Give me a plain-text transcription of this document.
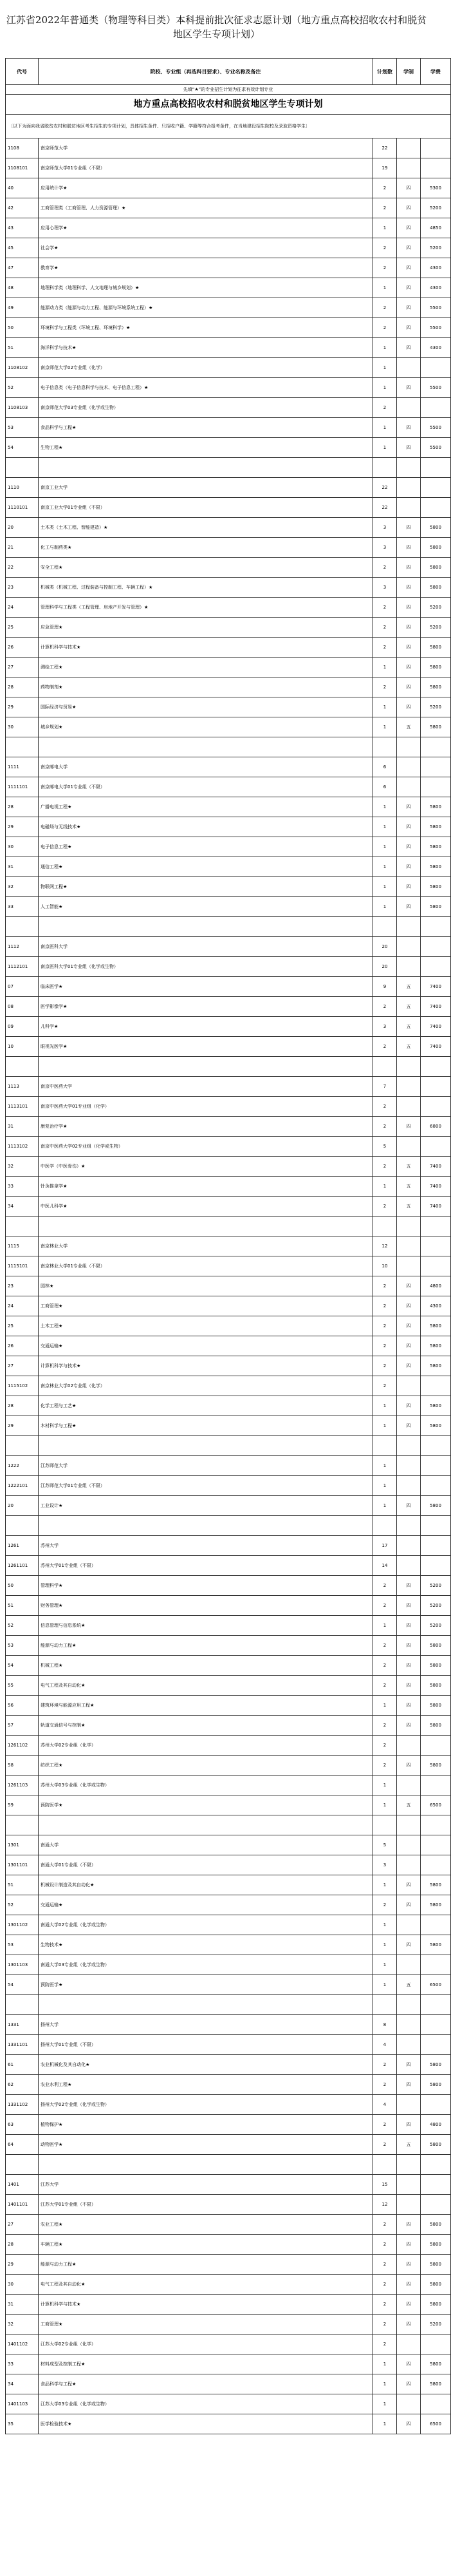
江苏省2022年普通类（物理等科目类）本科提前批次征求志愿计划（地方重点高校招收农村和脱贫地区学生专项计划）
代号	院校、专业组（再选科目要求）、专业名称及备注	计划数	学制	学费
先填“★”的专业招生计划为征求有效计划专业				
地方重点高校招收农村和脱贫地区学生专项计划				
〔以下为面向我省脱贫农村和脱贫地区考生招生的专项计划，具体招生条件、只招收户籍、学籍等符合报考条件，在当地建设招生院校及录取资格学生〕				
1108	南京师范大学	22		
1108101	南京师范大学01专业组（不限）	19		
40	应用统计学★	2	四	5300
42	工商管理类（工商管理、人力资源管理）★	2	四	5200
43	应用心理学★	1	四	4850
45	社会学★	2	四	5200
47	教育学★	2	四	4300
48	地理科学类（地理科学、人文地理与城乡规划）★	1	四	4300
49	能源动力类（能源与动力工程、能源与环境系统工程）★	2	四	5500
50	环境科学与工程类（环境工程、环境科学）★	2	四	5500
51	海洋科学与技术★	1	四	4300
1108102	南京师范大学02专业组（化学）	1		
52	电子信息类（电子信息科学与技术、电子信息工程）★	1	四	5500
1108103	南京师范大学03专业组（化学或生物）	2		
53	食品科学与工程★	1	四	5500
54	生物工程★	1	四	5500

1110	南京工业大学	22		
1110101	南京工业大学01专业组（不限）	22		
20	土木类（土木工程、智能建造）★	3	四	5800
21	化工与制药类★	3	四	5800
22	安全工程★	2	四	5800
23	机械类（机械工程、过程装备与控制工程、车辆工程）★	3	四	5800
24	管理科学与工程类（工程管理、房地产开发与管理）★	2	四	5200
25	应急管理★	2	四	5200
26	计算机科学与技术★	2	四	5800
27	测绘工程★	1	四	5800
28	药物制剂★	2	四	5800
29	国际经济与贸易★	1	四	5200
30	城乡规划★	1	五	5800

1111	南京邮电大学	6		
1111101	南京邮电大学01专业组（不限）	6		
28	广播电视工程★	1	四	5800
29	电磁场与无线技术★	1	四	5800
30	电子信息工程★	1	四	5800
31	通信工程★	1	四	5800
32	物联网工程★	1	四	5800
33	人工智能★	1	四	5800

1112	南京医科大学	20		
1112101	南京医科大学01专业组（化学或生物）	20		
07	临床医学★	9	五	7400
08	医学影像学★	2	五	7400
09	儿科学★	3	五	7400
10	眼视光医学★	2	五	7400

1113	南京中医药大学	7		
1113101	南京中医药大学01专业组（化学）	2		
31	康复治疗学★	2	四	6800
1113102	南京中医药大学02专业组（化学或生物）	5		
32	中医学（中医骨伤）★	2	五	7400
33	针灸推拿学★	1	五	7400
34	中医儿科学★	2	五	7400

1115	南京林业大学	12		
1115101	南京林业大学01专业组（不限）	10		
23	园林★	2	四	4800
24	工商管理★	2	四	4300
25	土木工程★	2	四	5800
26	交通运输★	2	四	5800
27	计算机科学与技术★	2	四	5800
1115102	南京林业大学02专业组（化学）	2		
28	化学工程与工艺★	1	四	5800
29	木材科学与工程★	1	四	5800

1222	江苏师范大学	1		
1222101	江苏师范大学01专业组（不限）	1		
20	工业设计★	1	四	5800

1261	苏州大学	17		
1261101	苏州大学01专业组（不限）	14		
50	管理科学★	2	四	5200
51	财务管理★	2	四	5200
52	信息管理与信息系统★	1	四	5200
53	能源与动力工程★	2	四	5800
54	机械工程★	2	四	5800
55	电气工程及其自动化★	2	四	5800
56	建筑环境与能源应用工程★	1	四	5800
57	轨道交通信号与控制★	2	四	5800
1261102	苏州大学02专业组（化学）	2		
58	纺织工程★	2	四	5800
1261103	苏州大学03专业组（化学或生物）	1		
59	预防医学★	1	五	6500

1301	南通大学	5		
1301101	南通大学01专业组（不限）	3		
51	机械设计制造及其自动化★	1	四	5800
52	交通运输★	2	四	5800
1301102	南通大学02专业组（化学或生物）	1		
53	生物技术★	1	四	5800
1301103	南通大学03专业组（化学或生物）	1		
54	预防医学★	1	五	6500

1331	扬州大学	8		
1331101	扬州大学01专业组（不限）	4		
61	农业机械化及其自动化★	2	四	5800
62	农业水利工程★	2	四	5800
1331102	扬州大学02专业组（化学或生物）	4		
63	植物保护★	2	四	4800
64	动物医学★	2	五	5800

1401	江苏大学	15		
1401101	江苏大学01专业组（不限）	12		
27	农业工程★	2	四	5800
28	车辆工程★	2	四	5800
29	能源与动力工程★	2	四	5800
30	电气工程及其自动化★	2	四	5800
31	计算机科学与技术★	2	四	5800
32	工商管理★	2	四	5200
1401102	江苏大学02专业组（化学）	2		
33	材料成型及控制工程★	1	四	5800
34	食品科学与工程★	1	四	5800
1401103	江苏大学03专业组（化学或生物）	1		
35	医学检验技术★	1	四	6500
